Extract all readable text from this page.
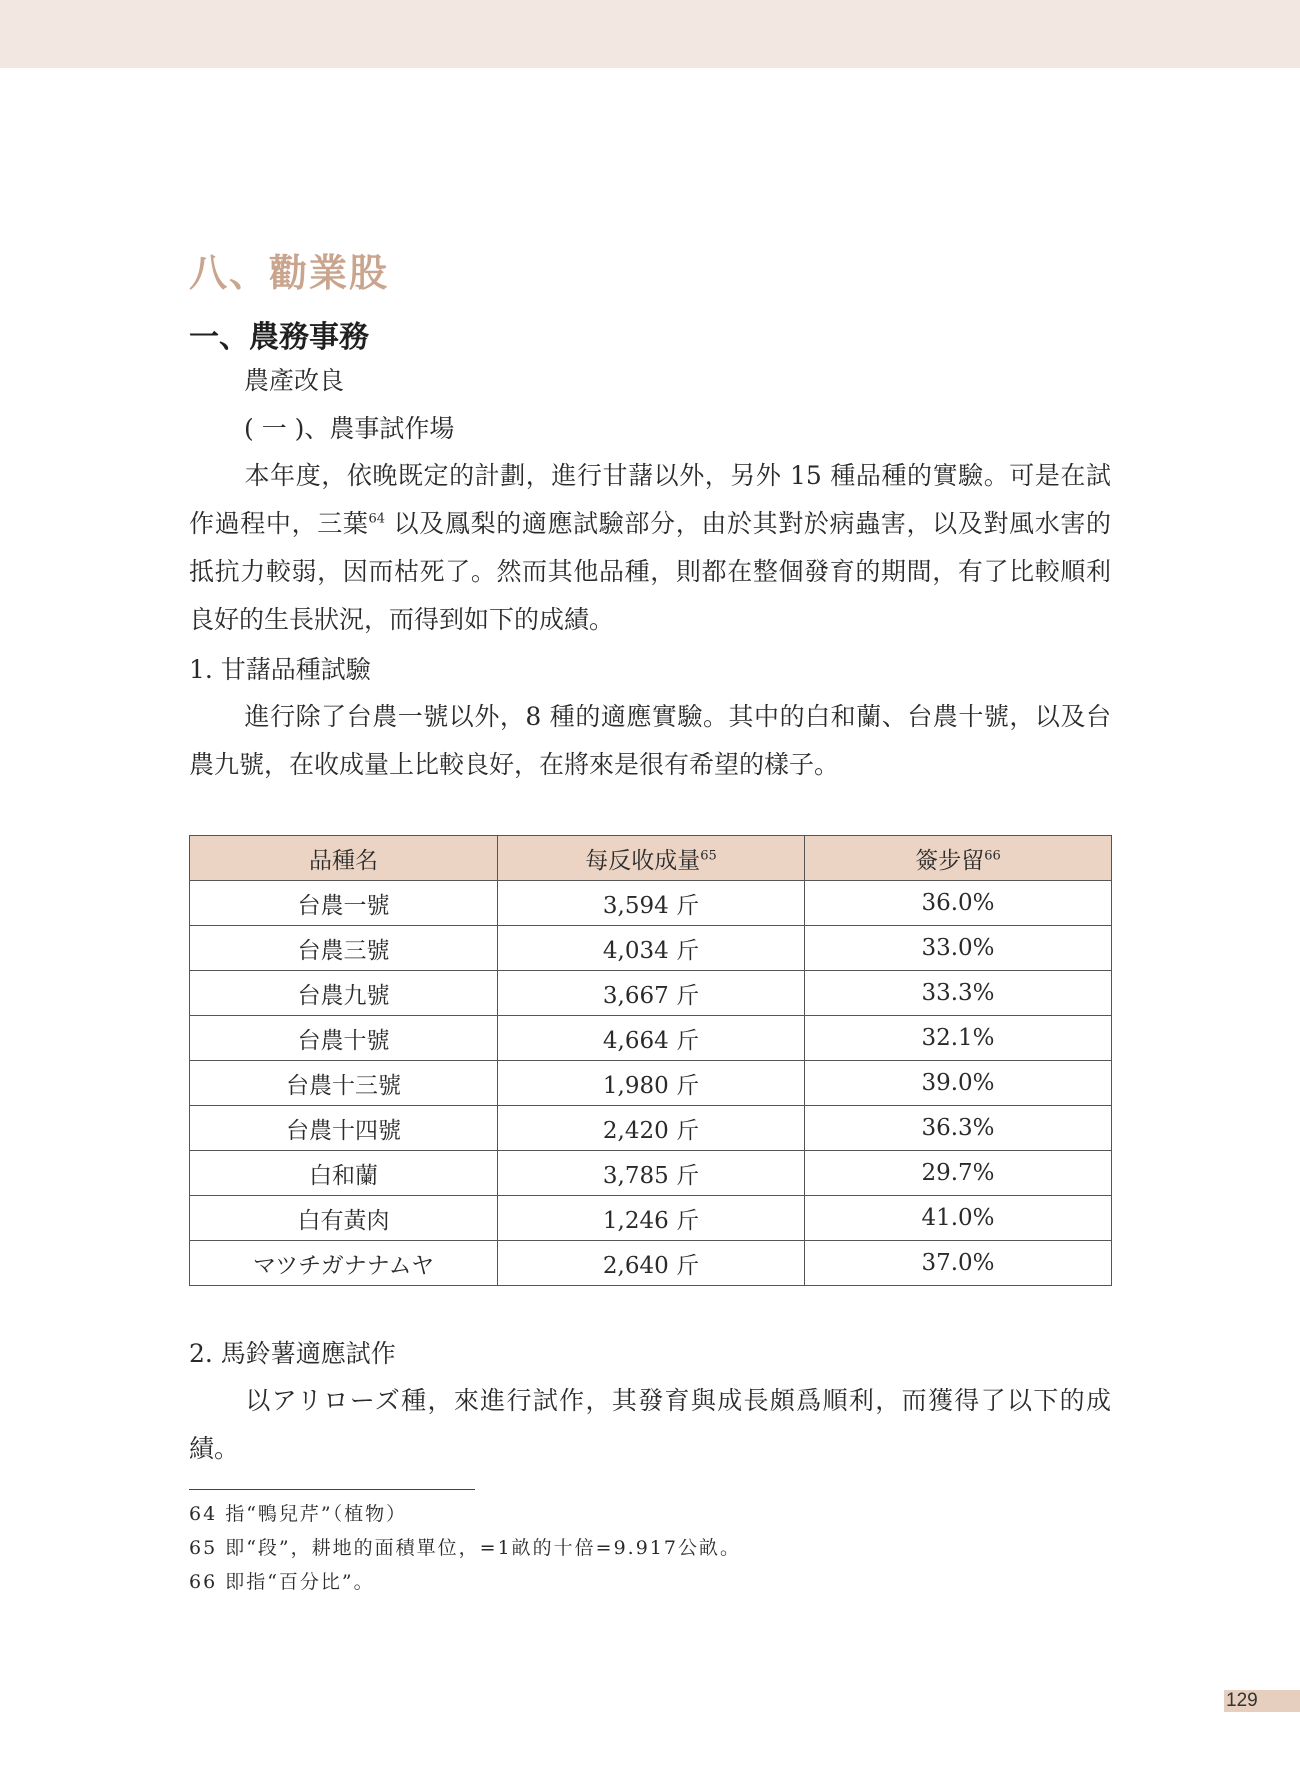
八、勸業股
一、農務事務
農產改良
( 一 )、農事試作場
本年度，依晚既定的計劃，進行甘藷以外，另外 15 種品種的實驗。可是在試作過程中，三葉$^{64}$ 以及鳳梨的適應試驗部分，由於其對於病蟲害，以及對風水害的抵抗力較弱，因而枯死了。然而其他品種，則都在整個發育的期間，有了比較順利良好的生長狀況，而得到如下的成績。
1. 甘藷品種試驗
進行除了台農一號以外，8 種的適應實驗。其中的白和蘭、台農十號，以及台農九號，在收成量上比較良好，在將來是很有希望的樣子。
品種名	每反收成量$^{65}$	簽步留$^{66}$
台農一號	3,594 斤	36.0%
台農三號	4,034 斤	33.0%
台農九號	3,667 斤	33.3%
台農十號	4,664 斤	32.1%
台農十三號	1,980 斤	39.0%
台農十四號	2,420 斤	36.3%
白和蘭	3,785 斤	29.7%
白有黃肉	1,246 斤	41.0%
マツチガナナムヤ	2,640 斤	37.0%
2. 馬鈴薯適應試作
以アリローズ種，來進行試作，其發育與成長頗爲順利，而獲得了以下的成績。
64 指“鴨兒芹”（植物）
65 即“段”，耕地的面積單位，=1畝的十倍=9.917公畝。
66 即指“百分比”。
129
